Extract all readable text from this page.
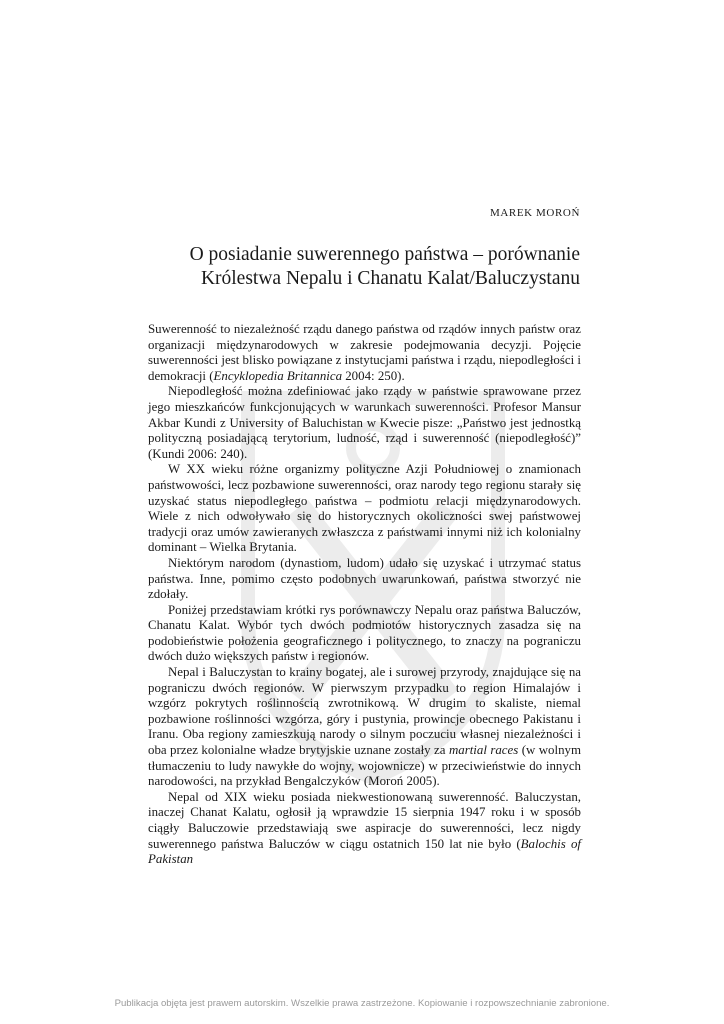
MAREK MOROŃ
O posiadanie suwerennego państwa – porównanie
Królestwa Nepalu i Chanatu Kalat/Baluczystanu

Suwerenność to niezależność rządu danego państwa od rządów innych państw oraz organizacji międzynarodowych w zakresie podejmowania decyzji. Pojęcie suwerenności jest blisko powiązane z instytucjami państwa i rządu, niepodległości i demokracji (Encyklopedia Britannica 2004: 250).

Niepodległość można zdefiniować jako rządy w państwie sprawowane przez jego mieszkańców funkcjonujących w warunkach suwerenności. Profesor Mansur Akbar Kundi z University of Baluchistan w Kwecie pisze: „Państwo jest jednostką polityczną posiadającą terytorium, ludność, rząd i suwerenność (niepodległość)” (Kundi 2006: 240).

W XX wieku różne organizmy polityczne Azji Południowej o znamionach państwowości, lecz pozbawione suwerenności, oraz narody tego regionu starały się uzyskać status niepodległego państwa – podmiotu relacji międzynarodowych. Wiele z nich odwoływało się do historycznych okoliczności swej państwowej tradycji oraz umów zawieranych zwłaszcza z państwami innymi niż ich kolonialny dominant – Wielka Brytania.

Niektórym narodom (dynastiom, ludom) udało się uzyskać i utrzymać status państwa. Inne, pomimo często podobnych uwarunkowań, państwa stworzyć nie zdołały.

Poniżej przedstawiam krótki rys porównawczy Nepalu oraz państwa Baluczów, Chanatu Kalat. Wybór tych dwóch podmiotów historycznych zasadza się na podobieństwie położenia geograficznego i politycznego, to znaczy na pograniczu dwóch dużo większych państw i regionów.

Nepal i Baluczystan to krainy bogatej, ale i surowej przyrody, znajdujące się na pograniczu dwóch regionów. W pierwszym przypadku to region Himalajów i wzgórz pokrytych roślinnością zwrotnikową. W drugim to skaliste, niemal pozbawione roślinności wzgórza, góry i pustynia, prowincje obecnego Pakistanu i Iranu. Oba regiony zamieszkują narody o silnym poczuciu własnej niezależności i oba przez kolonialne władze brytyjskie uznane zostały za martial races (w wolnym tłumaczeniu to ludy nawykłe do wojny, wojownicze) w przeciwieństwie do innych narodowości, na przykład Bengalczyków (Moroń 2005).

Nepal od XIX wieku posiada niekwestionowaną suwerenność. Baluczystan, inaczej Chanat Kalatu, ogłosił ją wprawdzie 15 sierpnia 1947 roku i w sposób ciągły Baluczowie przedstawiają swe aspiracje do suwerenności, lecz nigdy suwerennego państwa Baluczów w ciągu ostatnich 150 lat nie było (Balochis of Pakistan

Publikacja objęta jest prawem autorskim. Wszelkie prawa zastrzeżone. Kopiowanie i rozpowszechnianie zabronione.
